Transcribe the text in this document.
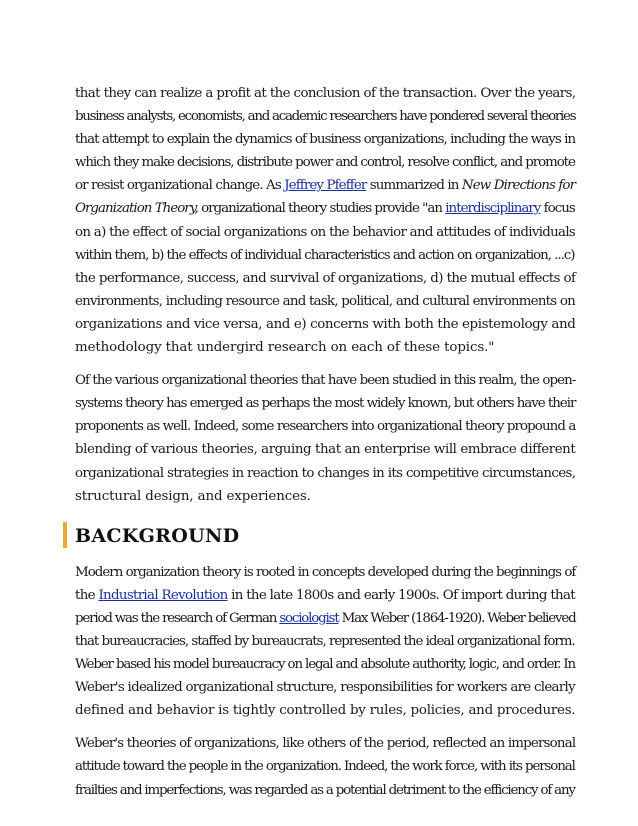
that they can realize a profit at the conclusion of the transaction. Over the years,
business analysts, economists, and academic researchers have pondered several theories
that attempt to explain the dynamics of business organizations, including the ways in
which they make decisions, distribute power and control, resolve conflict, and promote
or resist organizational change. As Jeffrey Pfeffer summarized in New Directions for
Organization Theory, organizational theory studies provide "an interdisciplinary focus
on a) the effect of social organizations on the behavior and attitudes of individuals
within them, b) the effects of individual characteristics and action on organization, ...c)
the performance, success, and survival of organizations, d) the mutual effects of
environments, including resource and task, political, and cultural environments on
organizations and vice versa, and e) concerns with both the epistemology and
methodology that undergird research on each of these topics."
Of the various organizational theories that have been studied in this realm, the open-
systems theory has emerged as perhaps the most widely known, but others have their
proponents as well. Indeed, some researchers into organizational theory propound a
blending of various theories, arguing that an enterprise will embrace different
organizational strategies in reaction to changes in its competitive circumstances,
structural design, and experiences.
BACKGROUND
Modern organization theory is rooted in concepts developed during the beginnings of
the Industrial Revolution in the late 1800s and early 1900s. Of import during that
period was the research of German sociologist Max Weber (1864-1920). Weber believed
that bureaucracies, staffed by bureaucrats, represented the ideal organizational form.
Weber based his model bureaucracy on legal and absolute authority, logic, and order. In
Weber's idealized organizational structure, responsibilities for workers are clearly
defined and behavior is tightly controlled by rules, policies, and procedures.
Weber's theories of organizations, like others of the period, reflected an impersonal
attitude toward the people in the organization. Indeed, the work force, with its personal
frailties and imperfections, was regarded as a potential detriment to the efficiency of any
